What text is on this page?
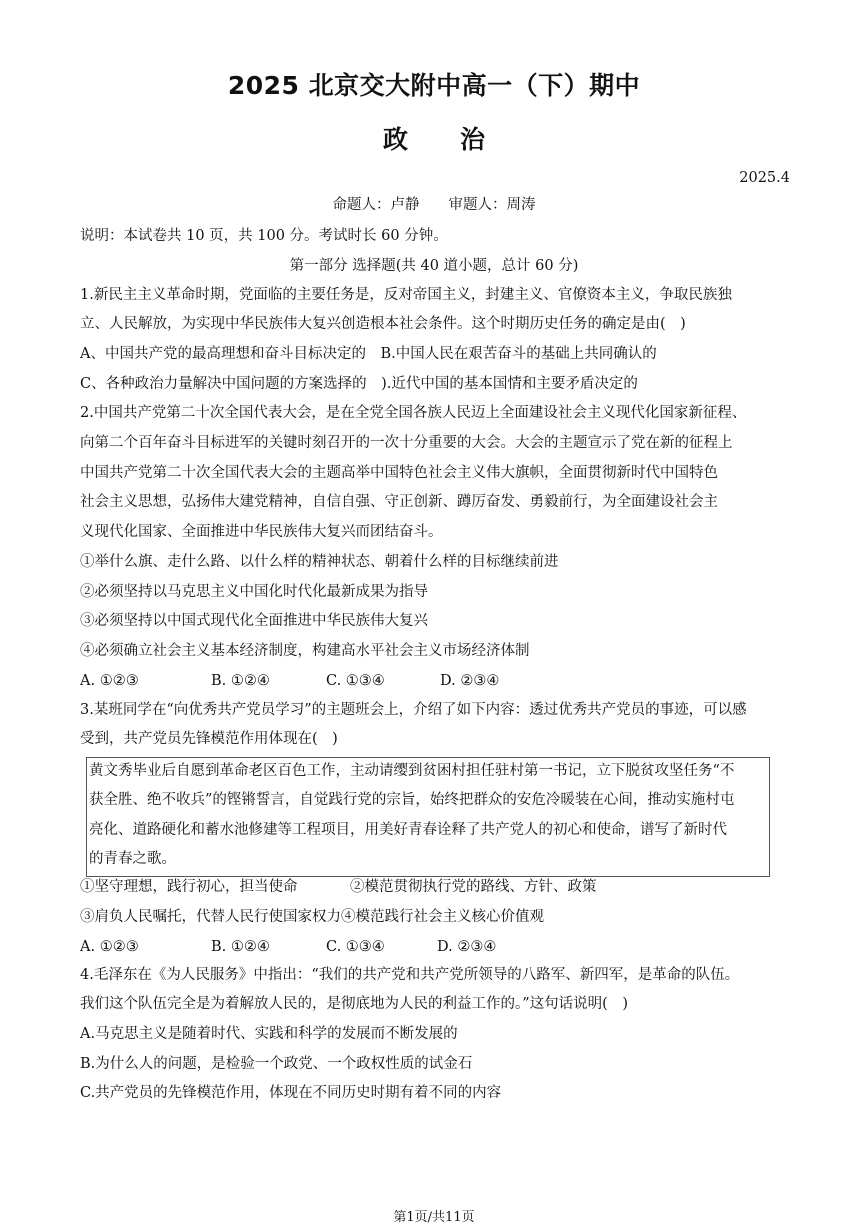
2025 北京交大附中高一（下）期中
政治
2025.4
命题人：卢静　　审题人：周涛
说明：本试卷共 10 页，共 100 分。考试时长 60 分钟。
第一部分 选择题(共 40 道小题，总计 60 分)
1.新民主主义革命时期，党面临的主要任务是，反对帝国主义，封建主义、官僚资本主义，争取民族独
立、人民解放，为实现中华民族伟大复兴创造根本社会条件。这个时期历史任务的确定是由(　)
A、中国共产党的最高理想和奋斗目标决定的　B.中国人民在艰苦奋斗的基础上共同确认的
C、各种政治力量解决中国问题的方案选择的　).近代中国的基本国情和主要矛盾决定的
2.中国共产党第二十次全国代表大会，是在全党全国各族人民迈上全面建设社会主义现代化国家新征程、
向第二个百年奋斗目标进军的关键时刻召开的一次十分重要的大会。大会的主题宣示了党在新的征程上
中国共产党第二十次全国代表大会的主题高举中国特色社会主义伟大旗帜，全面贯彻新时代中国特色
社会主义思想，弘扬伟大建党精神，自信自强、守正创新、蹲厉奋发、勇毅前行，为全面建设社会主
义现代化国家、全面推进中华民族伟大复兴而团结奋斗。
①举什么旗、走什么路、以什么样的精神状态、朝着什么样的目标继续前进
②必须坚持以马克思主义中国化时代化最新成果为指导
③必须坚持以中国式现代化全面推进中华民族伟大复兴
④必须确立社会主义基本经济制度，构建高水平社会主义市场经济体制
A. ①②③	B. ①②④	C. ①③④	D. ②③④
3.某班同学在“向优秀共产党员学习”的主题班会上，介绍了如下内容：透过优秀共产党员的事迹，可以感
受到，共产党员先锋模范作用体现在(　)
黄文秀毕业后自愿到革命老区百色工作，主动请缨到贫困村担任驻村第一书记，立下脱贫攻坚任务“不
获全胜、绝不收兵”的铿锵誓言，自觉践行党的宗旨，始终把群众的安危冷暖装在心间，推动实施村屯
亮化、道路硬化和蓄水池修建等工程项目，用美好青春诠释了共产党人的初心和使命，谱写了新时代
的青春之歌。
①坚守理想，践行初心，担当使命	②模范贯彻执行党的路线、方针、政策
③肩负人民嘱托，代替人民行使国家权力④模范践行社会主义核心价值观
A. ①②③	B. ①②④	C. ①③④	D. ②③④
4.毛泽东在《为人民服务》中指出：“我们的共产党和共产党所领导的八路军、新四军，是革命的队伍。
我们这个队伍完全是为着解放人民的，是彻底地为人民的利益工作的。”这句话说明(　)
A.马克思主义是随着时代、实践和科学的发展而不断发展的
B.为什么人的问题，是检验一个政党、一个政权性质的试金石
C.共产党员的先锋模范作用，体现在不同历史时期有着不同的内容
第1页/共11页
